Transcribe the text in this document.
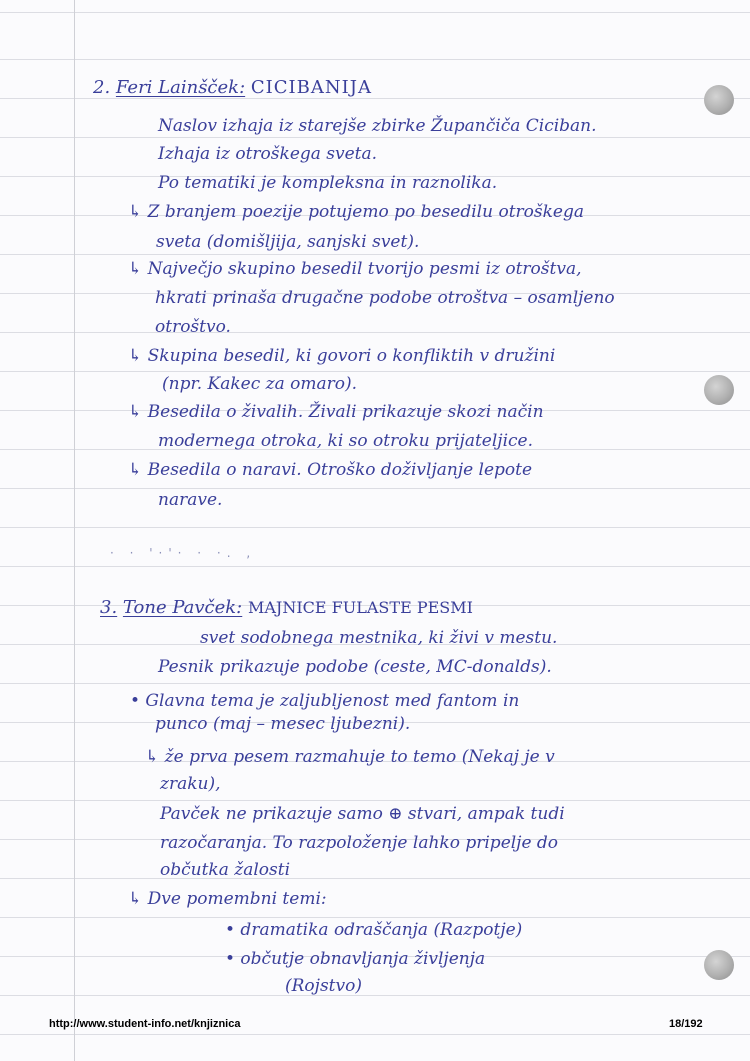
2. Feri Lainšček: CICIBANIJA
Naslov izhaja iz starejše zbirke Župančiča Ciciban.
Izhaja iz otroškega sveta.
Po tematiki je kompleksna in raznolika.
↳ Z branjem poezije potujemo po besedilu otroškega
sveta (domišljija, sanjski svet).
↳ Največjo skupino besedil tvorijo pesmi iz otroštva,
hkrati prinaša drugačne podobe otroštva – osamljeno
otroštvo.
↳ Skupina besedil, ki govori o konfliktih v družini
(npr. Kakec za omaro).
↳ Besedila o živalih. Živali prikazuje skozi način
modernega otroka, ki so otroku prijateljice.
↳ Besedila o naravi. Otroško doživljanje lepote
narave.
· · '·'· · ·. ,
3. Tone Pavček: MAJNICE FULASTE PESMI
svet sodobnega mestnika, ki živi v mestu.
Pesnik prikazuje podobe (ceste, MC-donalds).
• Glavna tema je zaljubljenost med fantom in
punco (maj – mesec ljubezni).
↳ že prva pesem razmahuje to temo (Nekaj je v
zraku),
Pavček ne prikazuje samo ⊕ stvari, ampak tudi
razočaranja. To razpoloženje lahko pripelje do
občutka žalosti
↳ Dve pomembni temi:
• dramatika odraščanja (Razpotje)
• občutje obnavljanja življenja
(Rojstvo)
http://www.student-info.net/knjiznica	18/192
